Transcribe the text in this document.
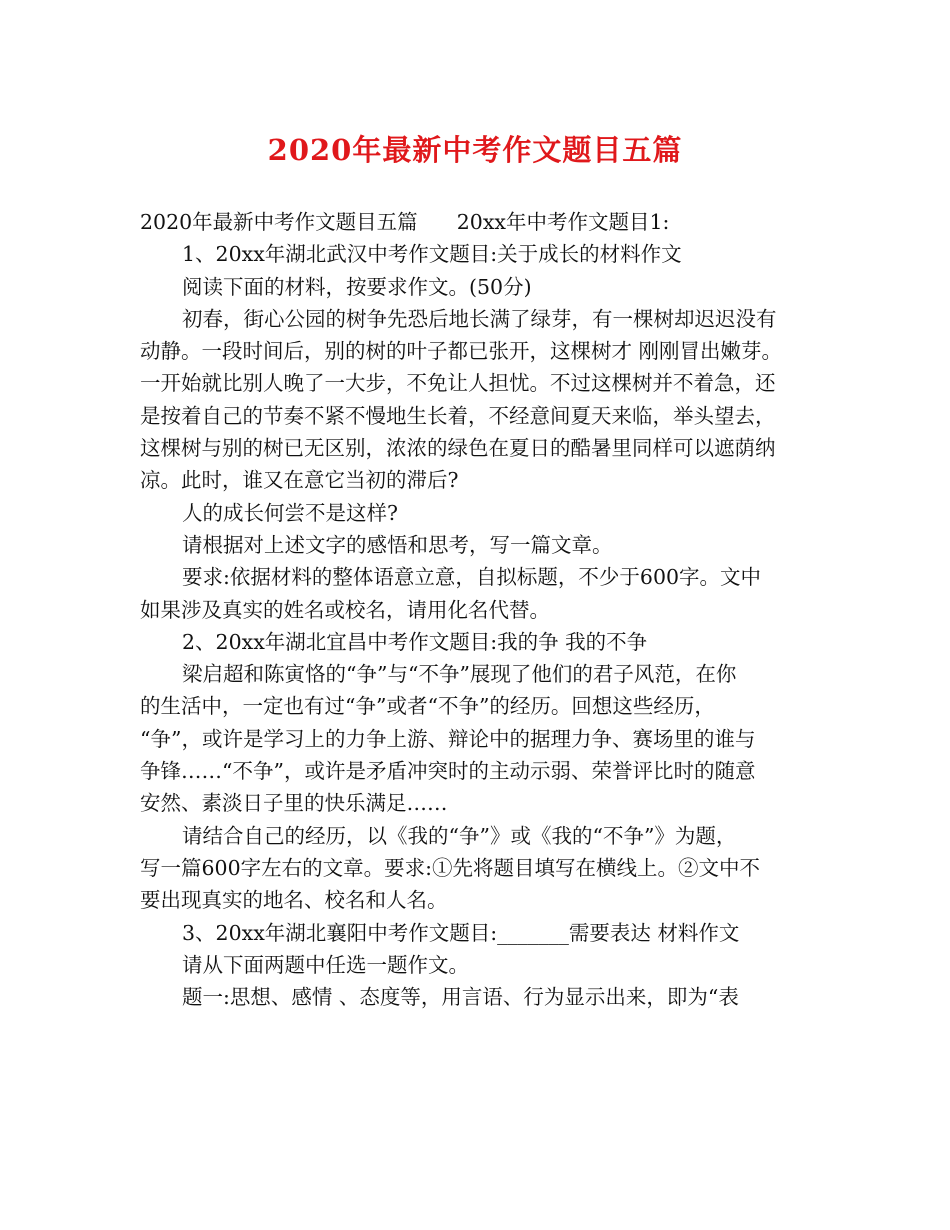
2020年最新中考作文题目五篇
2020年最新中考作文题目五篇      20xx年中考作文题目1:
1、20xx年湖北武汉中考作文题目:关于成长的材料作文
阅读下面的材料，按要求作文。(50分)
初春，街心公园的树争先恐后地长满了绿芽，有一棵树却迟迟没有
动静。一段时间后，别的树的叶子都已张开，这棵树才 刚刚冒出嫩芽。
一开始就比别人晚了一大步，不免让人担忧。不过这棵树并不着急，还
是按着自己的节奏不紧不慢地生长着，不经意间夏天来临，举头望去，
这棵树与别的树已无区别，浓浓的绿色在夏日的酷暑里同样可以遮荫纳
凉。此时，谁又在意它当初的滞后?
人的成长何尝不是这样?
请根据对上述文字的感悟和思考，写一篇文章。
要求:依据材料的整体语意立意，自拟标题，不少于600字。文中
如果涉及真实的姓名或校名，请用化名代替。
2、20xx年湖北宜昌中考作文题目:我的争 我的不争
梁启超和陈寅恪的“争”与“不争”展现了他们的君子风范，在你
的生活中，一定也有过“争”或者“不争”的经历。回想这些经历，
“争”，或许是学习上的力争上游、辩论中的据理力争、赛场里的谁与
争锋……“不争”，或许是矛盾冲突时的主动示弱、荣誉评比时的随意
安然、素淡日子里的快乐满足……
请结合自己的经历，以《我的“争”》或《我的“不争”》为题，
写一篇600字左右的文章。要求:①先将题目填写在横线上。②文中不
要出现真实的地名、校名和人名。
3、20xx年湖北襄阳中考作文题目:_______需要表达 材料作文
请从下面两题中任选一题作文。
题一:思想、感情 、态度等，用言语、行为显示出来，即为“表
